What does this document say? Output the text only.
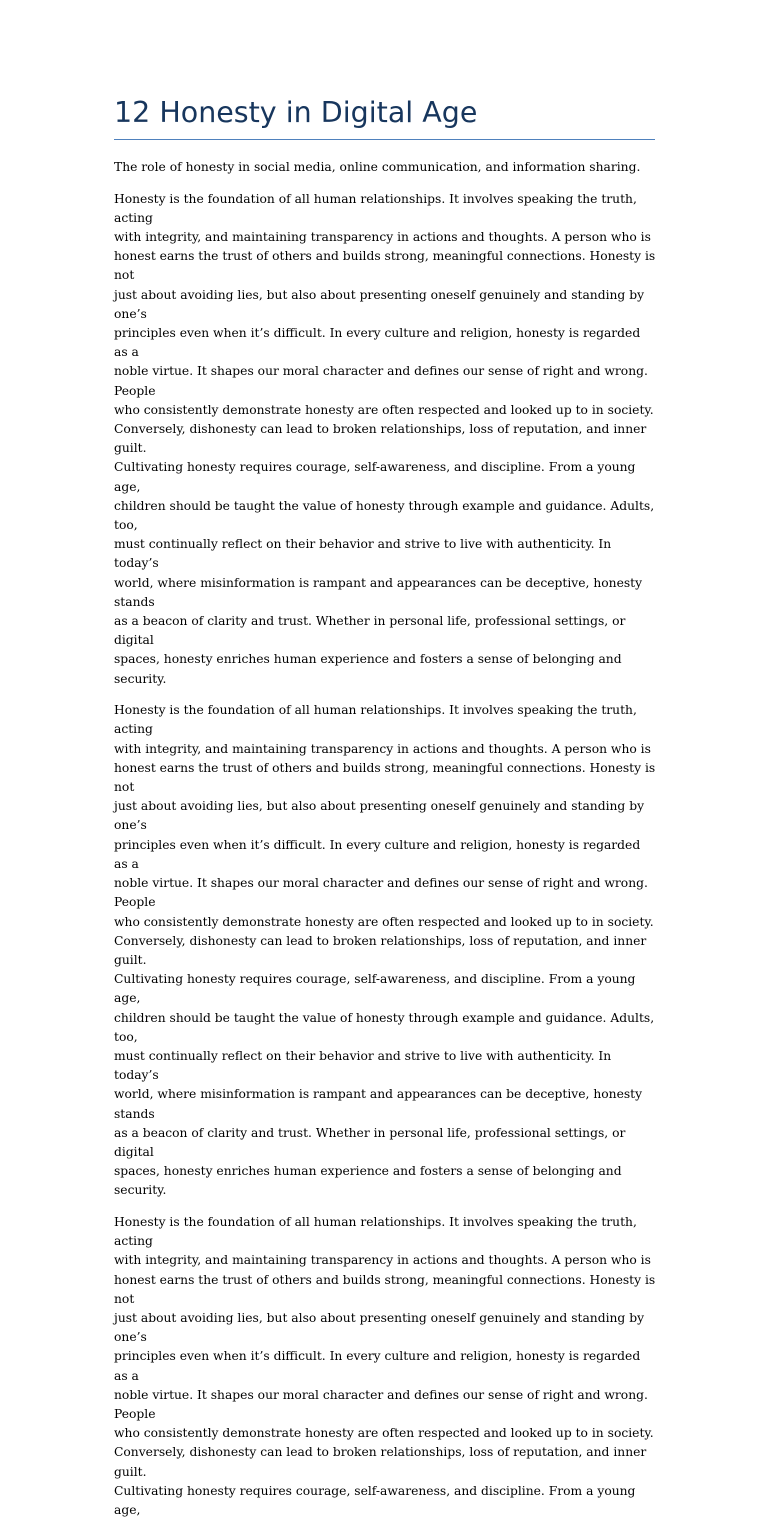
12 Honesty in Digital Age

The role of honesty in social media, online communication, and information sharing.

Honesty is the foundation of all human relationships. It involves speaking the truth, acting
with integrity, and maintaining transparency in actions and thoughts. A person who is
honest earns the trust of others and builds strong, meaningful connections. Honesty is not
just about avoiding lies, but also about presenting oneself genuinely and standing by one’s
principles even when it’s difficult. In every culture and religion, honesty is regarded as a
noble virtue. It shapes our moral character and defines our sense of right and wrong. People
who consistently demonstrate honesty are often respected and looked up to in society.
Conversely, dishonesty can lead to broken relationships, loss of reputation, and inner guilt.
Cultivating honesty requires courage, self-awareness, and discipline. From a young age,
children should be taught the value of honesty through example and guidance. Adults, too,
must continually reflect on their behavior and strive to live with authenticity. In today’s
world, where misinformation is rampant and appearances can be deceptive, honesty stands
as a beacon of clarity and trust. Whether in personal life, professional settings, or digital
spaces, honesty enriches human experience and fosters a sense of belonging and security.

Honesty is the foundation of all human relationships. It involves speaking the truth, acting
with integrity, and maintaining transparency in actions and thoughts. A person who is
honest earns the trust of others and builds strong, meaningful connections. Honesty is not
just about avoiding lies, but also about presenting oneself genuinely and standing by one’s
principles even when it’s difficult. In every culture and religion, honesty is regarded as a
noble virtue. It shapes our moral character and defines our sense of right and wrong. People
who consistently demonstrate honesty are often respected and looked up to in society.
Conversely, dishonesty can lead to broken relationships, loss of reputation, and inner guilt.
Cultivating honesty requires courage, self-awareness, and discipline. From a young age,
children should be taught the value of honesty through example and guidance. Adults, too,
must continually reflect on their behavior and strive to live with authenticity. In today’s
world, where misinformation is rampant and appearances can be deceptive, honesty stands
as a beacon of clarity and trust. Whether in personal life, professional settings, or digital
spaces, honesty enriches human experience and fosters a sense of belonging and security.

Honesty is the foundation of all human relationships. It involves speaking the truth, acting
with integrity, and maintaining transparency in actions and thoughts. A person who is
honest earns the trust of others and builds strong, meaningful connections. Honesty is not
just about avoiding lies, but also about presenting oneself genuinely and standing by one’s
principles even when it’s difficult. In every culture and religion, honesty is regarded as a
noble virtue. It shapes our moral character and defines our sense of right and wrong. People
who consistently demonstrate honesty are often respected and looked up to in society.
Conversely, dishonesty can lead to broken relationships, loss of reputation, and inner guilt.
Cultivating honesty requires courage, self-awareness, and discipline. From a young age,
